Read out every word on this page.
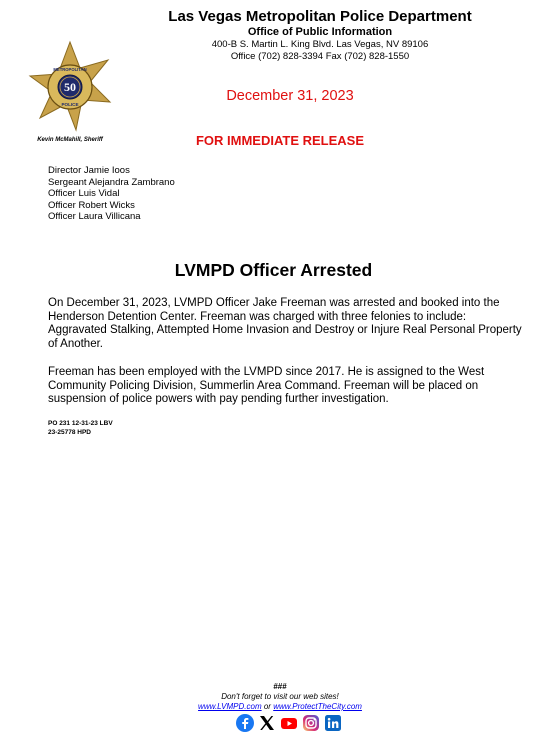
Las Vegas Metropolitan Police Department
Office of Public Information
400-B S. Martin L. King Blvd. Las Vegas, NV 89106
Office (702) 828-3394 Fax (702) 828-1550
50
METROPOLITAN
POLICE
Kevin McMahill, Sheriff
December 31, 2023
FOR IMMEDIATE RELEASE
Director Jamie Ioos
Sergeant Alejandra Zambrano
Officer Luis Vidal
Officer Robert Wicks
Officer Laura Villicana
LVMPD Officer Arrested
On December 31, 2023, LVMPD Officer Jake Freeman was arrested and booked into the Henderson Detention Center. Freeman was charged with three felonies to include: Aggravated Stalking, Attempted Home Invasion and Destroy or Injure Real Personal Property of Another.
Freeman has been employed with the LVMPD since 2017. He is assigned to the West Community Policing Division, Summerlin Area Command. Freeman will be placed on suspension of police powers with pay pending further investigation.
PO 231 12-31-23 LBV
23-25778 HPD
###
Don't forget to visit our web sites!
www.LVMPD.com or www.ProtectTheCity.com
